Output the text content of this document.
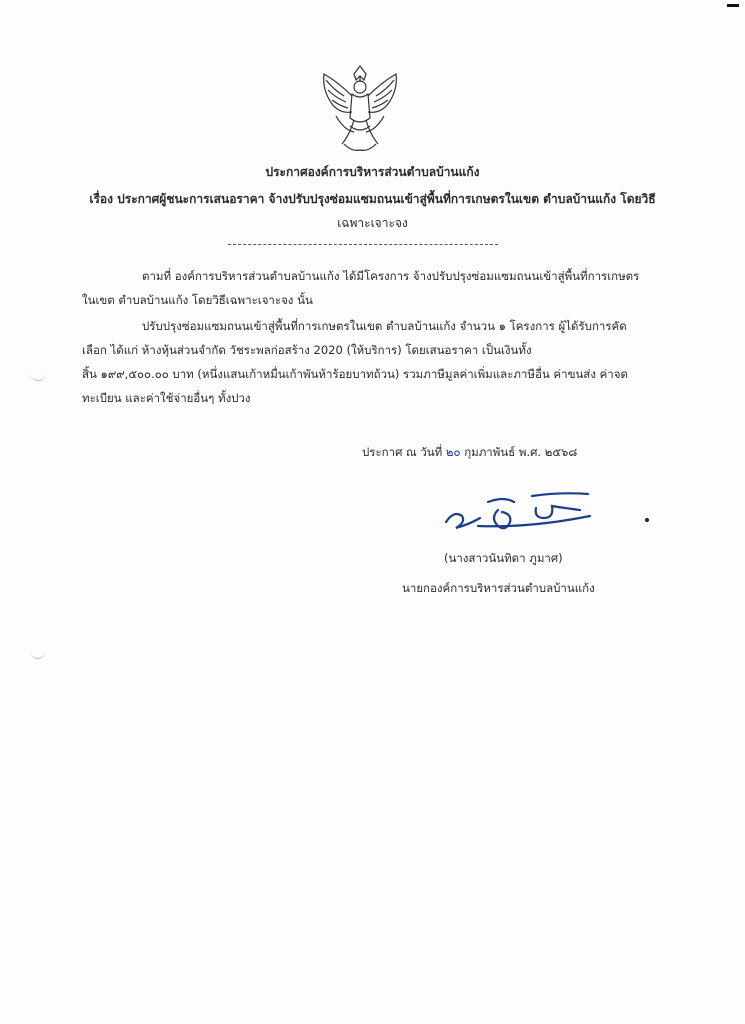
ประกาศองค์การบริหารส่วนตำบลบ้านแก้ง
เรื่อง ประกาศผู้ชนะการเสนอราคา จ้างปรับปรุงซ่อมแซมถนนเข้าสู่พื้นที่การเกษตรในเขต ตำบลบ้านแก้ง โดยวิธี
เฉพาะเจาะจง
ตามที่ องค์การบริหารส่วนตำบลบ้านแก้ง ได้มีโครงการ จ้างปรับปรุงซ่อมแซมถนนเข้าสู่พื้นที่การเกษตร
ในเขต ตำบลบ้านแก้ง โดยวิธีเฉพาะเจาะจง นั้น
ปรับปรุงซ่อมแซมถนนเข้าสู่พื้นที่การเกษตรในเขต ตำบลบ้านแก้ง จำนวน ๑ โครงการ ผู้ได้รับการคัด
เลือก ได้แก่ ห้างหุ้นส่วนจำกัด วัชระพลก่อสร้าง 2020 (ให้บริการ) โดยเสนอราคา เป็นเงินทั้ง
สิ้น ๑๙๙,๕๐๐.๐๐ บาท (หนึ่งแสนเก้าหมื่นเก้าพันห้าร้อยบาทถ้วน) รวมภาษีมูลค่าเพิ่มและภาษีอื่น ค่าขนส่ง ค่าจด
ทะเบียน และค่าใช้จ่ายอื่นๆ ทั้งปวง
ประกาศ ณ วันที่ ๒๐ กุมภาพันธ์ พ.ศ. ๒๕๖๘
(นางสาวนันทิดา ภูมาศ)
นายกองค์การบริหารส่วนตำบลบ้านแก้ง
